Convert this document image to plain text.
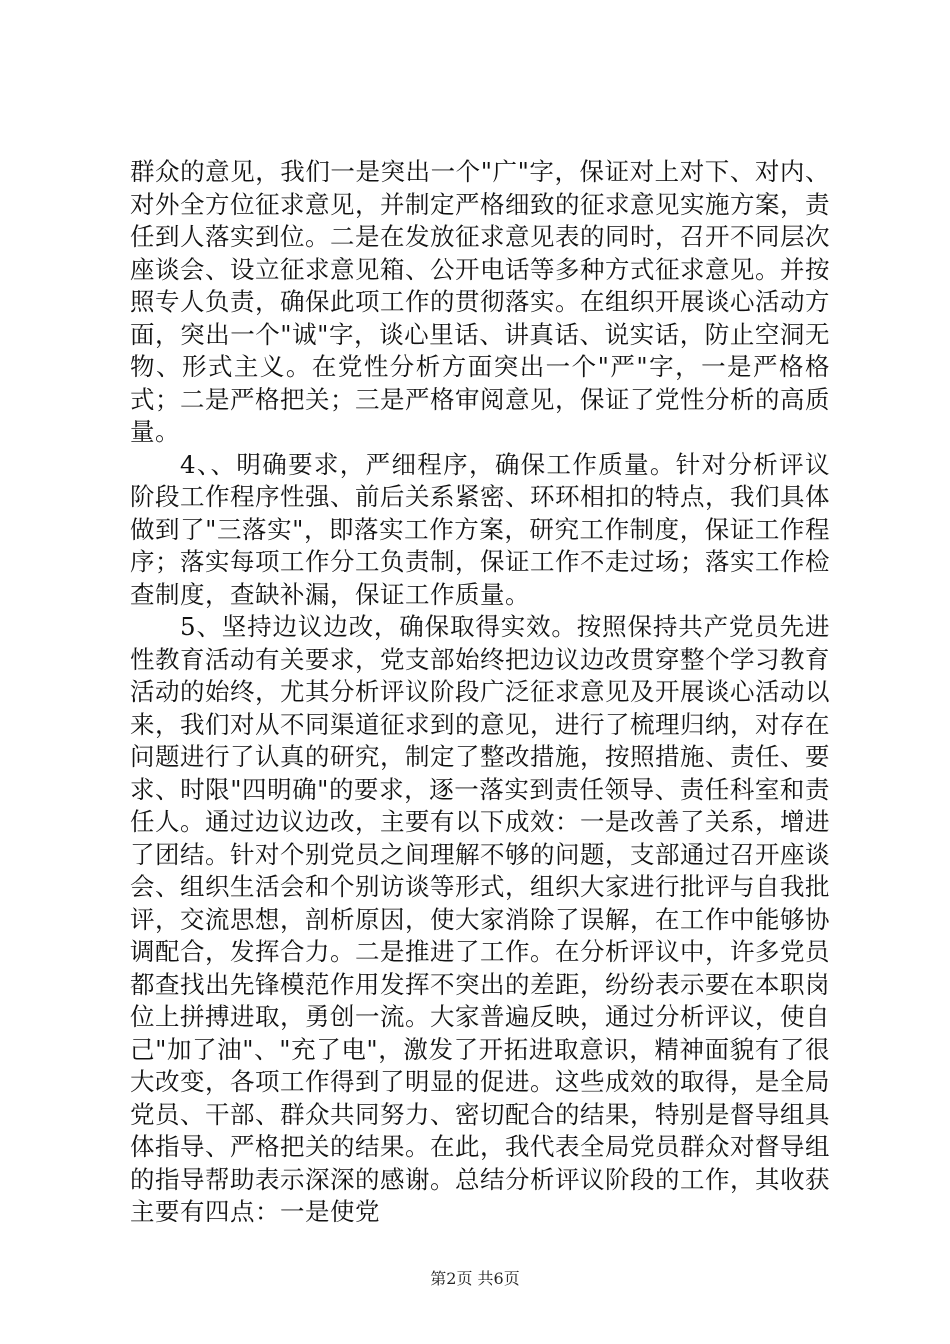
群众的意见，我们一是突出一个"广"字，保证对上对下、对内、对外全方位征求意见，并制定严格细致的征求意见实施方案，责任到人落实到位。二是在发放征求意见表的同时，召开不同层次座谈会、设立征求意见箱、公开电话等多种方式征求意见。并按照专人负责，确保此项工作的贯彻落实。在组织开展谈心活动方面，突出一个"诚"字，谈心里话、讲真话、说实话，防止空洞无物、形式主义。在党性分析方面突出一个"严"字，一是严格格式；二是严格把关；三是严格审阅意见，保证了党性分析的高质量。

4、、明确要求，严细程序，确保工作质量。针对分析评议阶段工作程序性强、前后关系紧密、环环相扣的特点，我们具体做到了"三落实"，即落实工作方案，研究工作制度，保证工作程序；落实每项工作分工负责制，保证工作不走过场；落实工作检查制度，查缺补漏，保证工作质量。

5、坚持边议边改，确保取得实效。按照保持共产党员先进性教育活动有关要求，党支部始终把边议边改贯穿整个学习教育活动的始终，尤其分析评议阶段广泛征求意见及开展谈心活动以来，我们对从不同渠道征求到的意见，进行了梳理归纳，对存在问题进行了认真的研究，制定了整改措施，按照措施、责任、要求、时限"四明确"的要求，逐一落实到责任领导、责任科室和责任人。通过边议边改，主要有以下成效：一是改善了关系，增进了团结。针对个别党员之间理解不够的问题，支部通过召开座谈会、组织生活会和个别访谈等形式，组织大家进行批评与自我批评，交流思想，剖析原因，使大家消除了误解，在工作中能够协调配合，发挥合力。二是推进了工作。在分析评议中，许多党员都查找出先锋模范作用发挥不突出的差距，纷纷表示要在本职岗位上拼搏进取，勇创一流。大家普遍反映，通过分析评议，使自己"加了油"、"充了电"，激发了开拓进取意识，精神面貌有了很大改变，各项工作得到了明显的促进。这些成效的取得，是全局党员、干部、群众共同努力、密切配合的结果，特别是督导组具体指导、严格把关的结果。在此，我代表全局党员群众对督导组的指导帮助表示深深的感谢。总结分析评议阶段的工作，其收获主要有四点：一是使党

第2页 共6页
